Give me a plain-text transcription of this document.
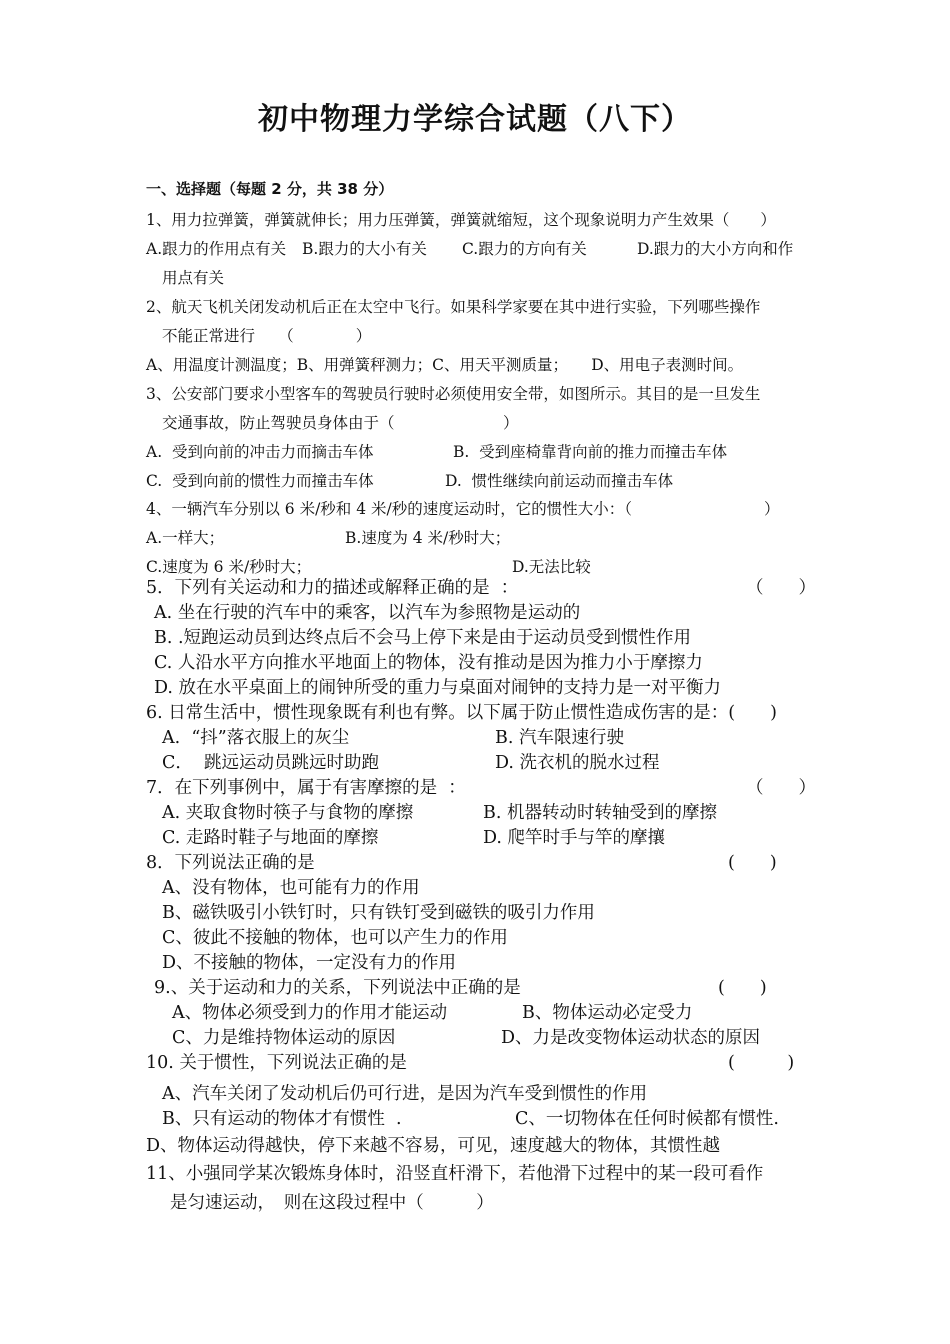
初中物理力学综合试题（八下）
一、选择题（每题 2 分，共 38 分）
1、用力拉弹簧，弹簧就伸长；用力压弹簧，弹簧就缩短，这个现象说明力产生效果（　　）
A.跟力的作用点有关 B.跟力的大小有关 C.跟力的方向有关	D.跟力的大小方向和作
用点有关
2、航天飞机关闭发动机后正在太空中飞行。如果科学家要在其中进行实验，下列哪些操作
不能正常进行　　（　　　　）
A、用温度计测温度；B、用弹簧秤测力；C、用天平测质量；　　D、用电子表测时间。
3、公安部门要求小型客车的驾驶员行驶时必须使用安全带，如图所示。其目的是一旦发生
交通事故，防止驾驶员身体由于（　　　　　　　）
A.  受到向前的冲击力而摘击车体	B.  受到座椅靠背向前的推力而撞击车体
C.  受到向前的惯性力而撞击车体	D.  惯性继续向前运动而撞击车体
4、一辆汽车分别以 6 米/秒和 4 米/秒的速度运动时，它的惯性大小：（	）
A.一样大；	B.速度为 4 米/秒时大；
C.速度为 6 米/秒时大；	D.无法比较
5．下列有关运动和力的描述或解释正确的是  ：	（　　）
A. 坐在行驶的汽车中的乘客，以汽车为参照物是运动的
B. .短跑运动员到达终点后不会马上停下来是由于运动员受到惯性作用
C. 人沿水平方向推水平地面上的物体，没有推动是因为推力小于摩擦力
D. 放在水平桌面上的闹钟所受的重力与桌面对闹钟的支持力是一对平衡力
6. 日常生活中，惯性现象既有利也有弊。以下属于防止惯性造成伤害的是：(　　)
A.  “抖”落衣服上的灰尘	B. 汽车限速行驶
C．  跳远运动员跳远时助跑	D. 洗衣机的脱水过程
7．在下列事例中，属于有害摩擦的是  ：	（　　）
A. 夹取食物时筷子与食物的摩擦	B. 机器转动时转轴受到的摩擦
C. 走路时鞋子与地面的摩擦	D. 爬竿时手与竿的摩攘
8．下列说法正确的是	(　　)
A、没有物体，也可能有力的作用
B、磁铁吸引小铁钉时，只有铁钉受到磁铁的吸引力作用
C、彼此不接触的物体，也可以产生力的作用
D、不接触的物体，一定没有力的作用
9.、关于运动和力的关系，下列说法中正确的是	(　　)
A、物体必须受到力的作用才能运动	B、物体运动必定受力
C、力是维持物体运动的原因	D、力是改变物体运动状态的原因
10. 关于惯性，下列说法正确的是	(　　　)
A、汽车关闭了发动机后仍可行进，是因为汽车受到惯性的作用
B、只有运动的物体才有惯性  .	C、一切物体在任何时候都有惯性.
D、物体运动得越快，停下来越不容易，可见，速度越大的物体，其惯性越
11、小强同学某次锻炼身体时，沿竖直杆滑下，若他滑下过程中的某一段可看作
是匀速运动，　则在这段过程中（　　　）
